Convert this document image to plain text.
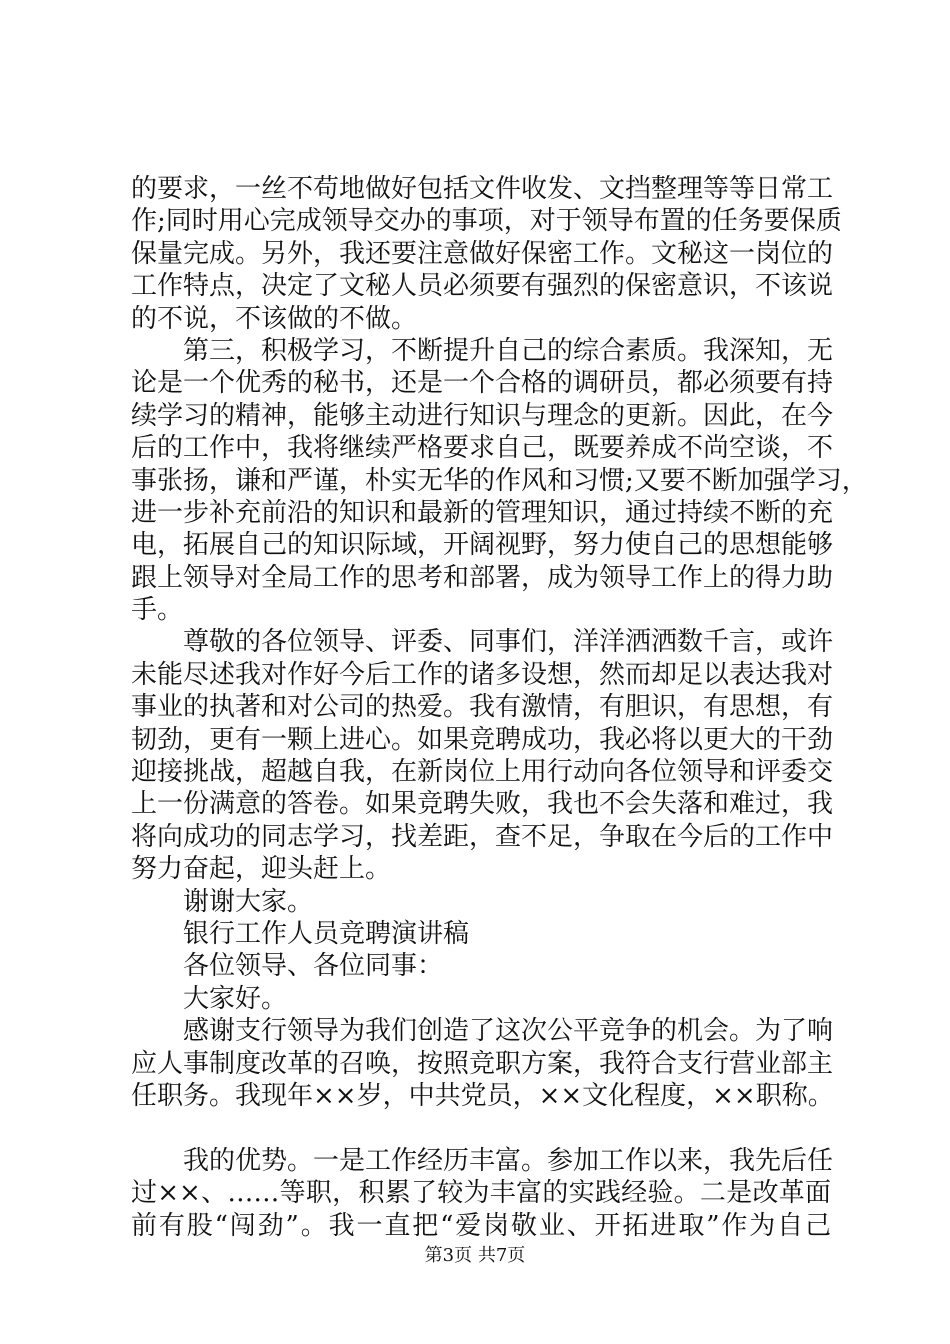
的要求，一丝不苟地做好包括文件收发、文挡整理等等日常工
作;同时用心完成领导交办的事项，对于领导布置的任务要保质
保量完成。另外，我还要注意做好保密工作。文秘这一岗位的
工作特点，决定了文秘人员必须要有强烈的保密意识，不该说
的不说，不该做的不做。
第三，积极学习，不断提升自己的综合素质。我深知，无
论是一个优秀的秘书，还是一个合格的调研员，都必须要有持
续学习的精神，能够主动进行知识与理念的更新。因此，在今
后的工作中，我将继续严格要求自己，既要养成不尚空谈，不
事张扬，谦和严谨，朴实无华的作风和习惯;又要不断加强学习，
进一步补充前沿的知识和最新的管理知识，通过持续不断的充
电，拓展自己的知识际域，开阔视野，努力使自己的思想能够
跟上领导对全局工作的思考和部署，成为领导工作上的得力助
手。
尊敬的各位领导、评委、同事们，洋洋洒洒数千言，或许
未能尽述我对作好今后工作的诸多设想，然而却足以表达我对
事业的执著和对公司的热爱。我有激情，有胆识，有思想，有
韧劲，更有一颗上进心。如果竞聘成功，我必将以更大的干劲
迎接挑战，超越自我，在新岗位上用行动向各位领导和评委交
上一份满意的答卷。如果竞聘失败，我也不会失落和难过，我
将向成功的同志学习，找差距，查不足，争取在今后的工作中
努力奋起，迎头赶上。
谢谢大家。
银行工作人员竞聘演讲稿
各位领导、各位同事：
大家好。
感谢支行领导为我们创造了这次公平竞争的机会。为了响
应人事制度改革的召唤，按照竞职方案，我符合支行营业部主
任职务。我现年××岁，中共党员，××文化程度，××职称。
我的优势。一是工作经历丰富。参加工作以来，我先后任
过××、……等职，积累了较为丰富的实践经验。二是改革面
前有股“闯劲”。我一直把“爱岗敬业、开拓进取”作为自己
第3页 共7页
